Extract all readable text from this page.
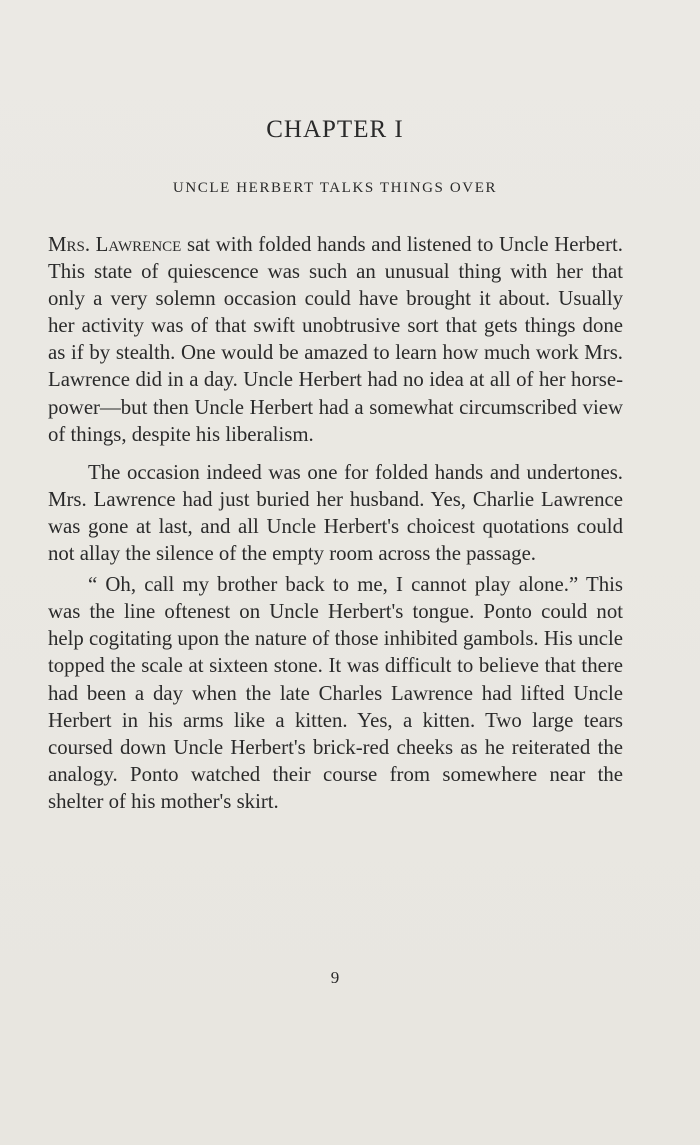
CHAPTER I
UNCLE HERBERT TALKS THINGS OVER

Mrs. Lawrence sat with folded hands and listened to Uncle Herbert. This state of quiescence was such an unusual thing with her that only a very solemn occasion could have brought it about. Usually her activity was of that swift unobtrusive sort that gets things done as if by stealth. One would be amazed to learn how much work Mrs. Lawrence did in a day. Uncle Herbert had no idea at all of her horse-power—but then Uncle Herbert had a somewhat circumscribed view of things, despite his liberalism.

The occasion indeed was one for folded hands and undertones. Mrs. Lawrence had just buried her husband. Yes, Charlie Lawrence was gone at last, and all Uncle Herbert's choicest quotations could not allay the silence of the empty room across the passage.

“ Oh, call my brother back to me, I cannot play alone.” This was the line oftenest on Uncle Herbert's tongue. Ponto could not help cogitating upon the nature of those inhibited gambols. His uncle topped the scale at sixteen stone. It was difficult to believe that there had been a day when the late Charles Lawrence had lifted Uncle Herbert in his arms like a kitten. Yes, a kitten. Two large tears coursed down Uncle Herbert's brick-red cheeks as he reiterated the analogy. Ponto watched their course from somewhere near the shelter of his mother's skirt.

9
